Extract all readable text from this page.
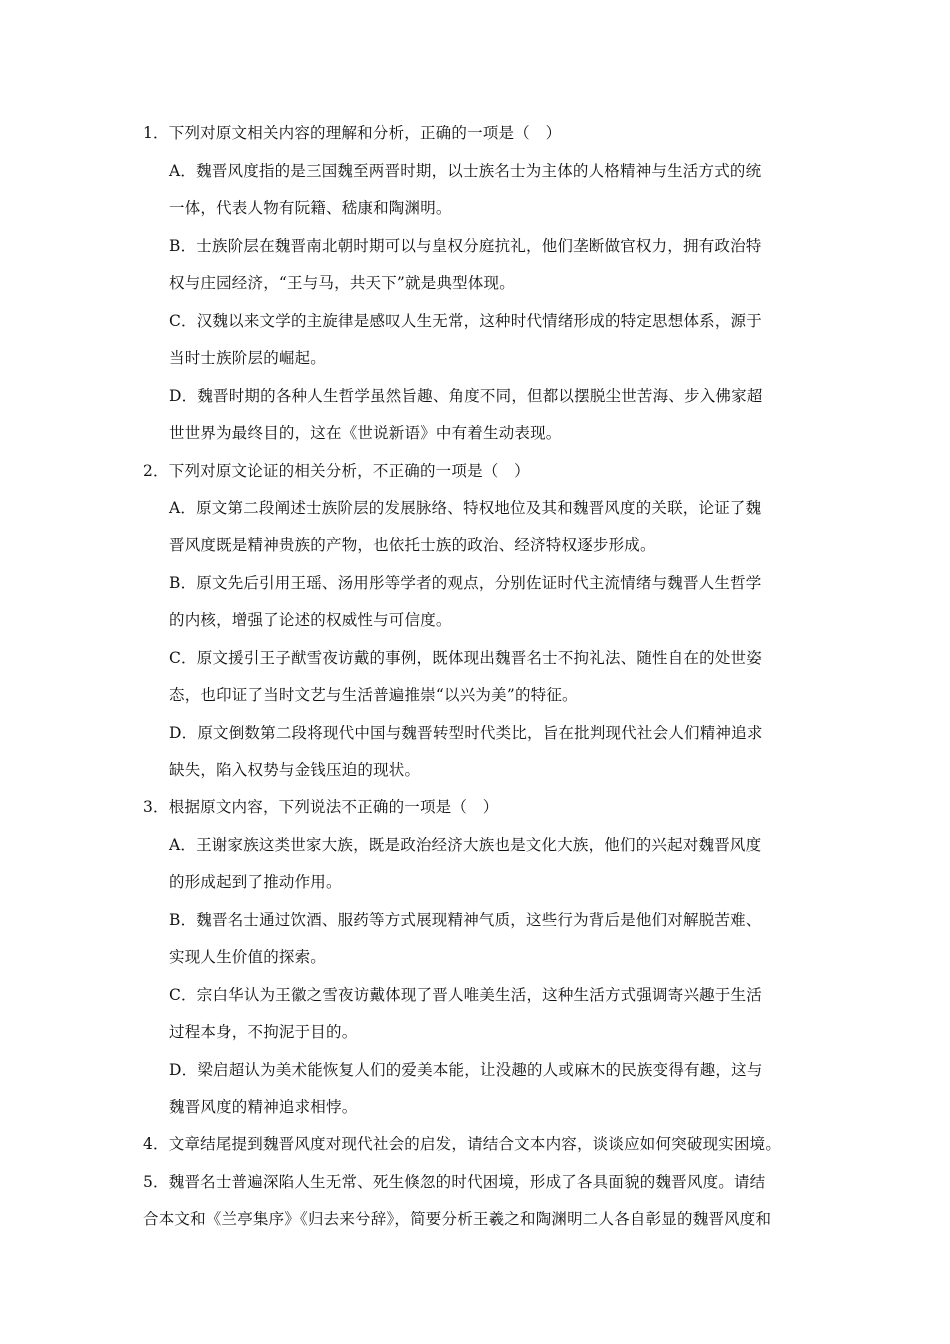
1．下列对原文相关内容的理解和分析，正确的一项是（　）
A．魏晋风度指的是三国魏至两晋时期，以士族名士为主体的人格精神与生活方式的统
一体，代表人物有阮籍、嵇康和陶渊明。
B．士族阶层在魏晋南北朝时期可以与皇权分庭抗礼，他们垄断做官权力，拥有政治特
权与庄园经济，“王与马，共天下”就是典型体现。
C．汉魏以来文学的主旋律是感叹人生无常，这种时代情绪形成的特定思想体系，源于
当时士族阶层的崛起。
D．魏晋时期的各种人生哲学虽然旨趣、角度不同，但都以摆脱尘世苦海、步入佛家超
世世界为最终目的，这在《世说新语》中有着生动表现。
2．下列对原文论证的相关分析，不正确的一项是（　）
A．原文第二段阐述士族阶层的发展脉络、特权地位及其和魏晋风度的关联，论证了魏
晋风度既是精神贵族的产物，也依托士族的政治、经济特权逐步形成。
B．原文先后引用王瑶、汤用彤等学者的观点，分别佐证时代主流情绪与魏晋人生哲学
的内核，增强了论述的权威性与可信度。
C．原文援引王子猷雪夜访戴的事例，既体现出魏晋名士不拘礼法、随性自在的处世姿
态，也印证了当时文艺与生活普遍推崇“以兴为美”的特征。
D．原文倒数第二段将现代中国与魏晋转型时代类比，旨在批判现代社会人们精神追求
缺失，陷入权势与金钱压迫的现状。
3．根据原文内容，下列说法不正确的一项是（　）
A．王谢家族这类世家大族，既是政治经济大族也是文化大族，他们的兴起对魏晋风度
的形成起到了推动作用。
B．魏晋名士通过饮酒、服药等方式展现精神气质，这些行为背后是他们对解脱苦难、
实现人生价值的探索。
C．宗白华认为王徽之雪夜访戴体现了晋人唯美生活，这种生活方式强调寄兴趣于生活
过程本身，不拘泥于目的。
D．梁启超认为美术能恢复人们的爱美本能，让没趣的人或麻木的民族变得有趣，这与
魏晋风度的精神追求相悖。
4．文章结尾提到魏晋风度对现代社会的启发，请结合文本内容，谈谈应如何突破现实困境。
5．魏晋名士普遍深陷人生无常、死生倏忽的时代困境，形成了各具面貌的魏晋风度。请结
合本文和《兰亭集序》《归去来兮辞》，简要分析王羲之和陶渊明二人各自彰显的魏晋风度和
